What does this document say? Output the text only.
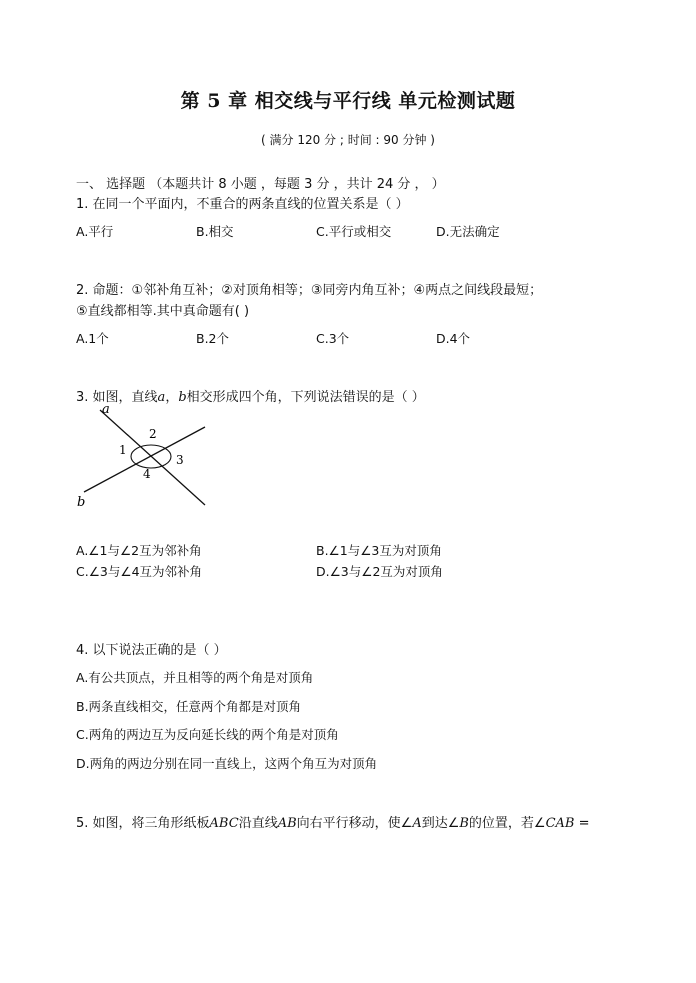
第 5 章 相交线与平行线 单元检测试题
( 满分 120 分 ; 时间 : 90 分钟 )
一、 选择题 （本题共计 8 小题 ，每题 3 分 ，共计 24 分 ， ）
1. 在同一个平面内，不重合的两条直线的位置关系是（ ）
A.平行	B.相交	C.平行或相交	D.无法确定
2. 命题：①邻补角互补；②对顶角相等；③同旁内角互补；④两点之间线段最短；
⑤直线都相等.其中真命题有( )
A.1个	B.2个	C.3个	D.4个
3. 如图，直线a，b相交形成四个角，下列说法错误的是（ ）
a
b
1
2
3
4
A.∠1与∠2互为邻补角	B.∠1与∠3互为对顶角
C.∠3与∠4互为邻补角	D.∠3与∠2互为对顶角
4. 以下说法正确的是（ ）
A.有公共顶点，并且相等的两个角是对顶角
B.两条直线相交，任意两个角都是对顶角
C.两角的两边互为反向延长线的两个角是对顶角
D.两角的两边分别在同一直线上，这两个角互为对顶角
5. 如图，将三角形纸板ABC沿直线AB向右平行移动，使∠A到达∠B的位置，若∠CAB =
